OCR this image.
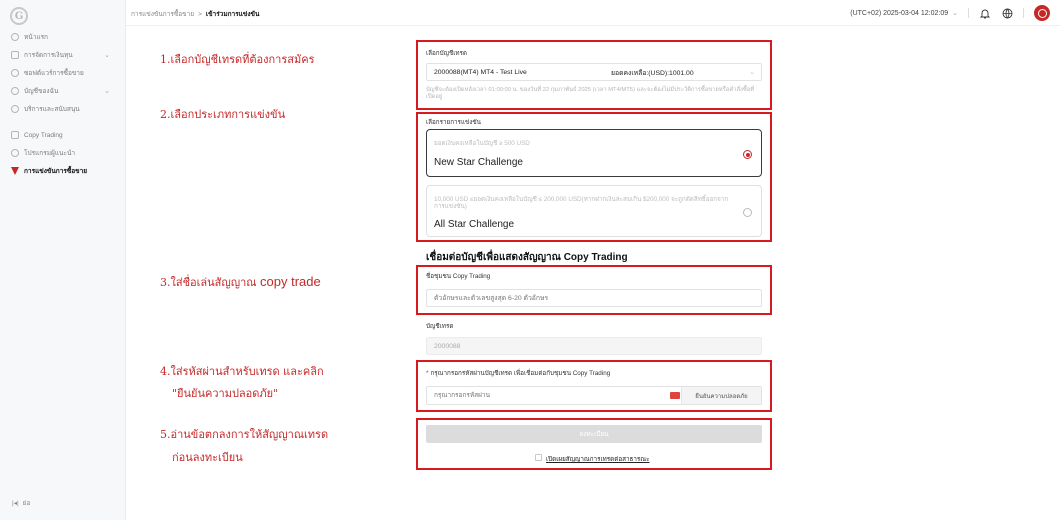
G
หน้าแรก
การจัดการเงินทุน	⌄
ซอฟต์แวร์การซื้อขาย
บัญชีของฉัน	⌄
บริการและสนับสนุน
Copy Trading
โปรแกรมผู้แนะนำ
การแข่งขันการซื้อขาย
|◂| ย่อ
การแข่งขันการซื้อขาย > เข้าร่วมการแข่งขัน	(UTC+02) 2025-03-04 12:02:09 ⌄
1.เลือกบัญชีเทรดที่ต้องการสมัคร
2.เลือกประเภทการแข่งขัน
3.ใส่ชื่อเล่นสัญญาณ copy trade
4.ใส่รหัสผ่านสำหรับเทรด และคลิก
"ยืนยันความปลอดภัย"
5.อ่านข้อตกลงการให้สัญญาณเทรด
ก่อนลงทะเบียน
เลือกบัญชีเทรด
2000088(MT4) MT4 - Test Live	ยอดคงเหลือ:(USD):1001.00	⌄
บัญชีจะต้องเปิดหลังเวลา 01:00:00 น. ของวันที่ 22 กุมภาพันธ์ 2025 (เวลา MT4/MT5) และจะต้องไม่มีประวัติการซื้อขายหรือคำสั่งซื้อที่เปิดอยู่
เลือกรายการแข่งขัน
ยอดเงินคงเหลือในบัญชี ≥ 500 USD
New Star Challenge
10,000 USD ≤ยอดเงินคงเหลือในบัญชี ≤ 200,000 USD(หากฝากเงินสะสมเกิน $200,000 จะถูกตัดสิทธิ์ออกจากการแข่งขัน)
All Star Challenge
เชื่อมต่อบัญชีเพื่อแสดงสัญญาณ Copy Trading
ชื่อชุมชน Copy Trading
ตัวอักษรและตัวเลขสูงสุด 6-20 ตัวอักษร
บัญชีเทรด
2000088
* กรุณากรอกรหัสผ่านบัญชีเทรด เพื่อเชื่อมต่อกับชุมชน Copy Trading
ยืนยันความปลอดภัย
ลงทะเบียน
เปิดเผยสัญญาณการเทรดต่อสาธารณะ
